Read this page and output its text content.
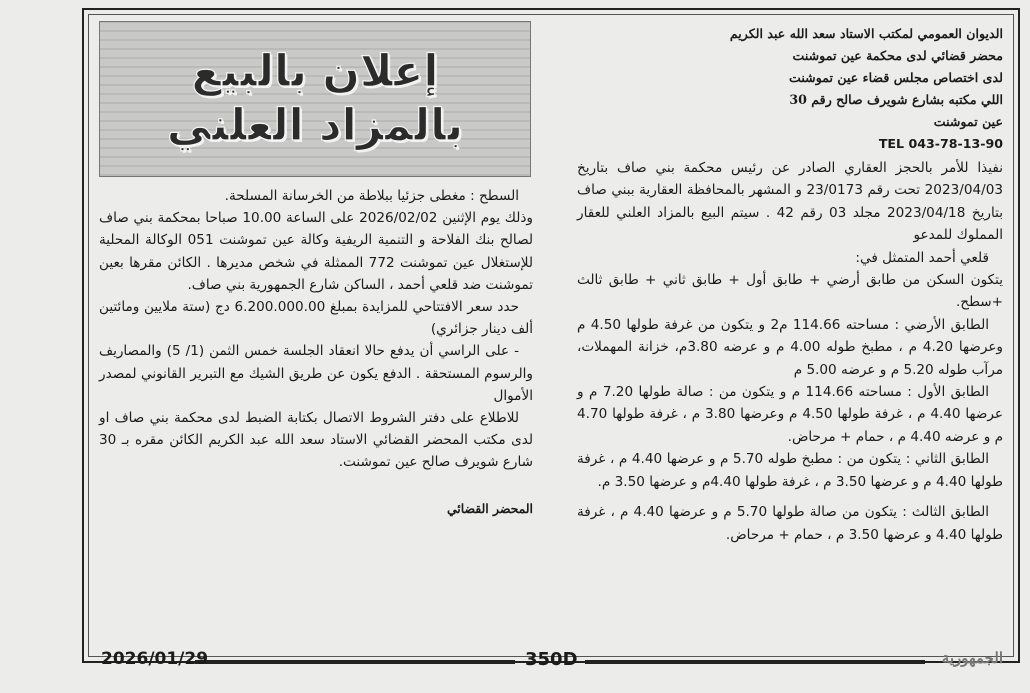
الديوان العمومي لمكتب الاستاد سعد الله عبد الكريم
محضر قضائي لدى محكمة عين تموشنت
لدى اختصاص مجلس قضاء عين تموشنت
اللي مكتبه بشارع شويرف صالح رقم 30
عين تموشنت
TEL 043-78-13-90

نفيذا للأمر بالحجز العقاري الصادر عن رئيس محكمة بني صاف بتاريخ 2023/04/03 تحت رقم 23/0173 و المشهر بالمحافظة العقارية ببني صاف بتاريخ 2023/04/18 مجلد 03 رقم 42 . سيتم البيع بالمزاد العلني للعقار المملوك للمدعو

قلعي أحمد المتمثل في:

يتكون السكن من طابق أرضي + طابق أول + طابق ثاني + طابق ثالث +سطح.

الطابق الأرضي : مساحته 114.66 م2 و يتكون من غرفة طولها 4.50 م وعرضها 4.20 م ، مطبخ طوله 4.00 م و عرضه 3.80م، خزانة المهملات، مرآب طوله 5.20 م و عرضه 5.00 م

الطابق الأول : مساحته 114.66 م و يتكون من : صالة طولها 7.20 م و عرضها 4.40 م ، غرفة طولها 4.50 م وعرضها 3.80 م ، غرفة طولها 4.70 م و عرضه 4.40 م ، حمام + مرحاض.

الطابق الثاني : يتكون من : مطبخ طوله 5.70 م و عرضها 4.40 م ، غرفة طولها 4.40 م و عرضها 3.50 م ، غرفة طولها 4.40م و عرضها 3.50 م.

الطابق الثالث : يتكون من صالة طولها 5.70 م و عرضها 4.40 م ، غرفة طولها 4.40 و عرضها 3.50 م ، حمام + مرحاض.

إعلان بالبيع
بالمزاد العلني

السطح : مغطى جزئيا ببلاطة من الخرسانة المسلحة.

وذلك يوم الإثنين 2026/02/02 على الساعة 10.00 صباحا بمحكمة بني صاف لصالح بنك الفلاحة و التنمية الريفية وكالة عين تموشنت 051 الوكالة المحلية للإستغلال عين تموشنت 772 الممثلة في شخص مديرها . الكائن مقرها بعين تموشنت ضد قلعي أحمد ، الساكن شارع الجمهورية بني صاف.

حدد سعر الافتتاحي للمزايدة بمبلغ 6.200.000.00 دج (ستة ملايين ومائتين ألف دينار جزائري)

- على الراسي أن يدفع حالا انعقاد الجلسة خمس الثمن (1/ 5) والمصاريف والرسوم المستحقة . الدفع يكون عن طريق الشيك مع التبرير القانوني لمصدر الأموال

للاطلاع على دفتر الشروط الاتصال بكتابة الضبط لدى محكمة بني صاف او لدى مكتب المحضر القضائي الاستاد سعد الله عبد الكريم الكائن مقره بـ 30 شارع شويرف صالح عين تموشنت.

المحضر القضائي
2026/01/29	350D	الجمهورية
